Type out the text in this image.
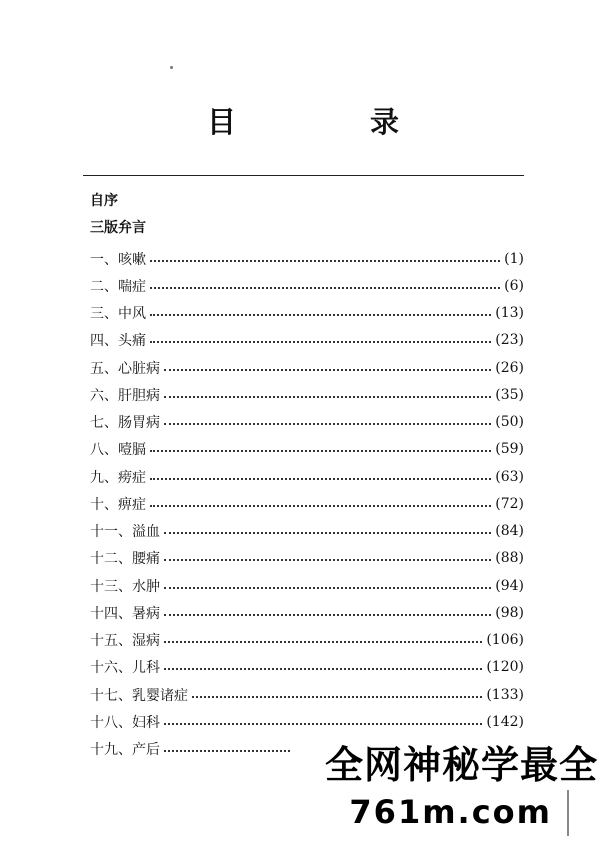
目 录
自序
三版弁言
一、咳嗽	(1)
二、喘症	(6)
三、中风	(13)
四、头痛	(23)
五、心脏病	(26)
六、肝胆病	(35)
七、肠胃病	(50)
八、噎膈	(59)
九、痨症	(63)
十、痹症	(72)
十一、溢血	(84)
十二、腰痛	(88)
十三、水肿	(94)
十四、暑病	(98)
十五、湿病	(106)
十六、儿科	(120)
十七、乳婴诸症	(133)
十八、妇科	(142)
十九、产后	全网神秘学最全
761m.com
